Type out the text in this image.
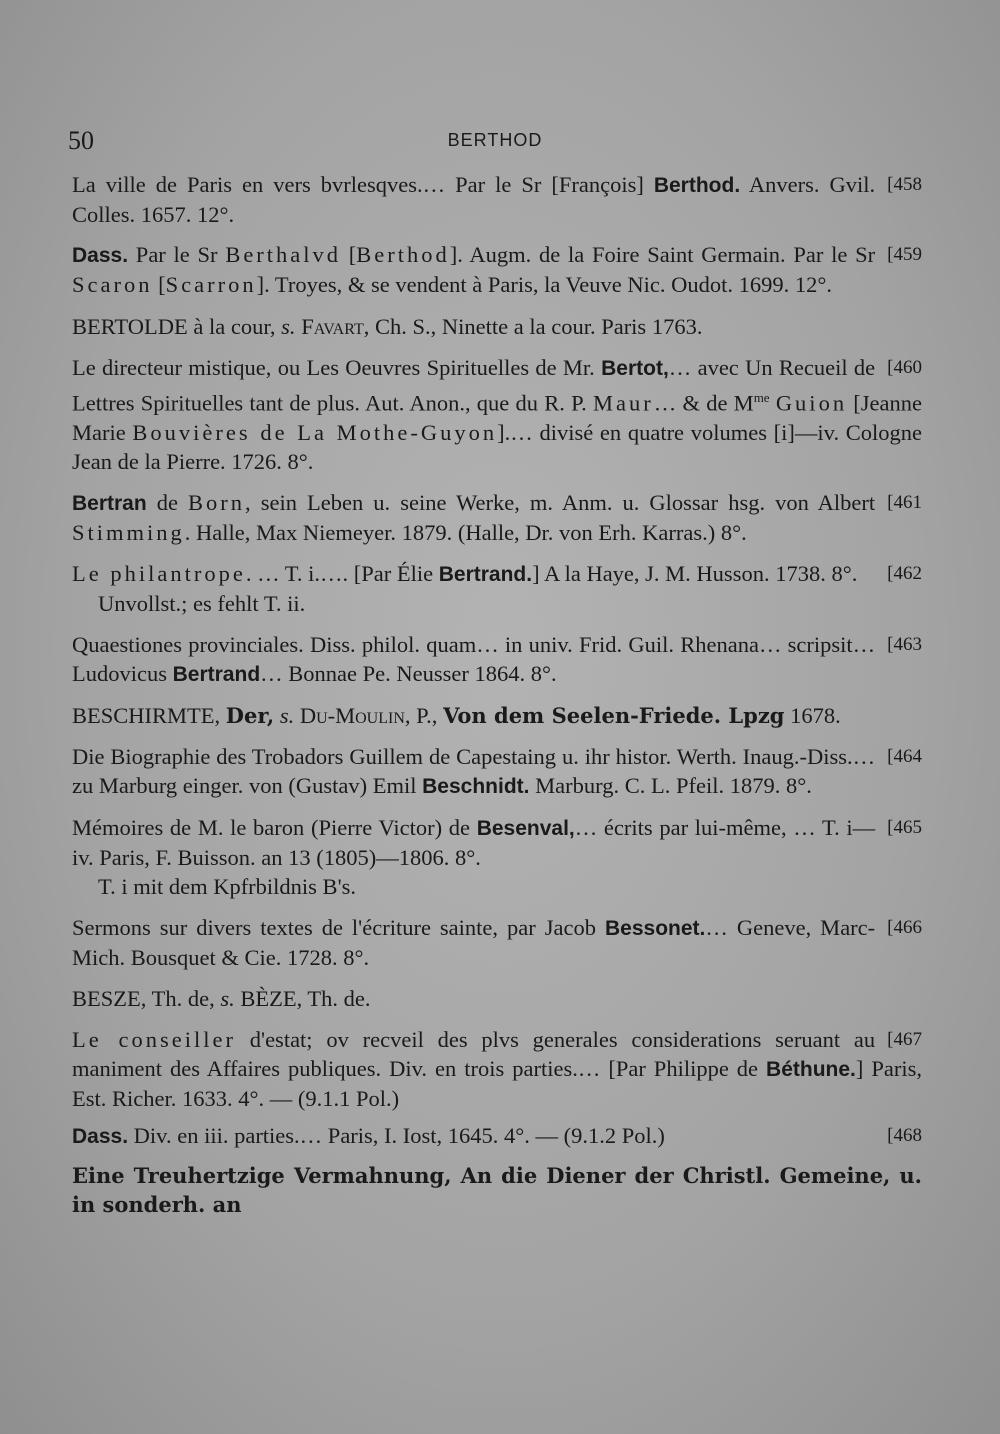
50	BERTHOD
[458
La ville de Paris en vers bvrlesqves.… Par le Sr [François] Berthod. Anvers. Gvil. Colles. 1657. 12°.
[459
Dass. Par le Sr Berthalvd [Berthod]. Augm. de la Foire Saint Germain. Par le Sr Scaron [Scarron]. Troyes, & se vendent à Paris, la Veuve Nic. Oudot. 1699. 12°.
BERTOLDE à la cour, s. Favart, Ch. S., Ninette a la cour. Paris 1763.
[460
Le directeur mistique, ou Les Oeuvres Spirituelles de Mr. Bertot,… avec Un Recueil de Lettres Spirituelles tant de plus. Aut. Anon., que du R. P. Maur… & de $M^{me}$ Guion [Jeanne Marie Bouvières de La Mothe-Guyon].… divisé en quatre volumes [i]—iv. Cologne Jean de la Pierre. 1726. 8°.
[461
Bertran de Born, sein Leben u. seine Werke, m. Anm. u. Glossar hsg. von Albert Stimming. Halle, Max Niemeyer. 1879. (Halle, Dr. von Erh. Karras.) 8°.
[462
Le philantrope. … T. i.…. [Par Élie Bertrand.] A la Haye, J. M. Husson. 1738. 8°.
Unvollst.; es fehlt T. ii.
[463
Quaestiones provinciales. Diss. philol. quam… in univ. Frid. Guil. Rhenana… scripsit… Ludovicus Bertrand… Bonnae Pe. Neusser 1864. 8°.
BESCHIRMTE, Der, s. Du-Moulin, P., Von dem Seelen-Friede. Lpzg 1678.
[464
Die Biographie des Trobadors Guillem de Capestaing u. ihr histor. Werth. Inaug.-Diss.… zu Marburg einger. von (Gustav) Emil Beschnidt. Marburg. C. L. Pfeil. 1879. 8°.
[465
Mémoires de M. le baron (Pierre Victor) de Besenval,… écrits par lui-même, … T. i—iv. Paris, F. Buisson. an 13 (1805)—1806. 8°.
T. i mit dem Kpfrbildnis B's.
[466
Sermons sur divers textes de l'écriture sainte, par Jacob Bessonet.… Geneve, Marc-Mich. Bousquet & Cie. 1728. 8°.
BESZE, Th. de, s. BÈZE, Th. de.
[467
Le conseiller d'estat; ov recveil des plvs generales considerations seruant au maniment des Affaires publiques. Div. en trois parties.… [Par Philippe de Béthune.] Paris, Est. Richer. 1633. 4°. — (9.1.1 Pol.)
[468
Dass. Div. en iii. parties.… Paris, I. Iost, 1645. 4°. — (9.1.2 Pol.)
Eine Treuhertzige Vermahnung, An die Diener der Christl. Gemeine, u. in sonderh. an
